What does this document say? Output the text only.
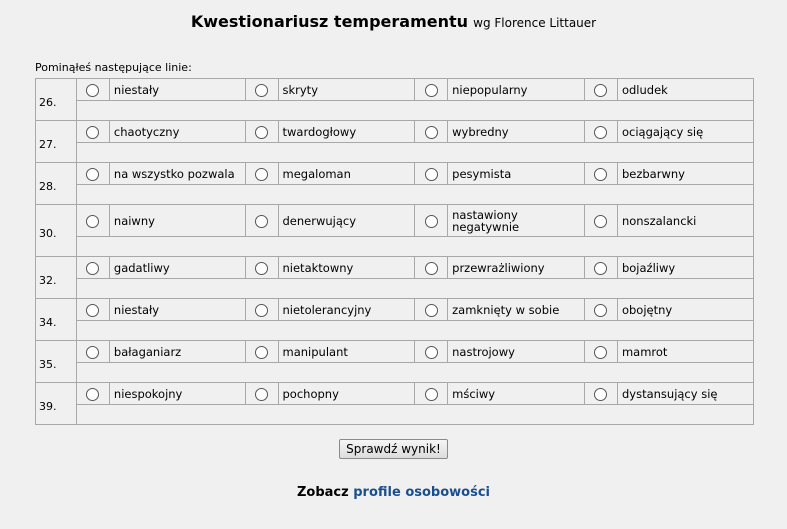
Kwestionariusz temperamentu wg Florence Littauer
Pominąłeś następujące linie:
26.		niestały		skryty		niepopularny		odludek

27.		chaotyczny		twardogłowy		wybredny		ociągający się

28.		na wszystko pozwala		megaloman		pesymista		bezbarwny

30.		naiwny		denerwujący		nastawiony negatywnie		nonszalancki

32.		gadatliwy		nietaktowny		przewrażliwiony		bojaźliwy

34.		niestały		nietolerancyjny		zamknięty w sobie		obojętny

35.		bałaganiarz		manipulant		nastrojowy		mamrot

39.		niespokojny		pochopny		mściwy		dystansujący się

Sprawdź wynik!
Zobacz profile osobowości
